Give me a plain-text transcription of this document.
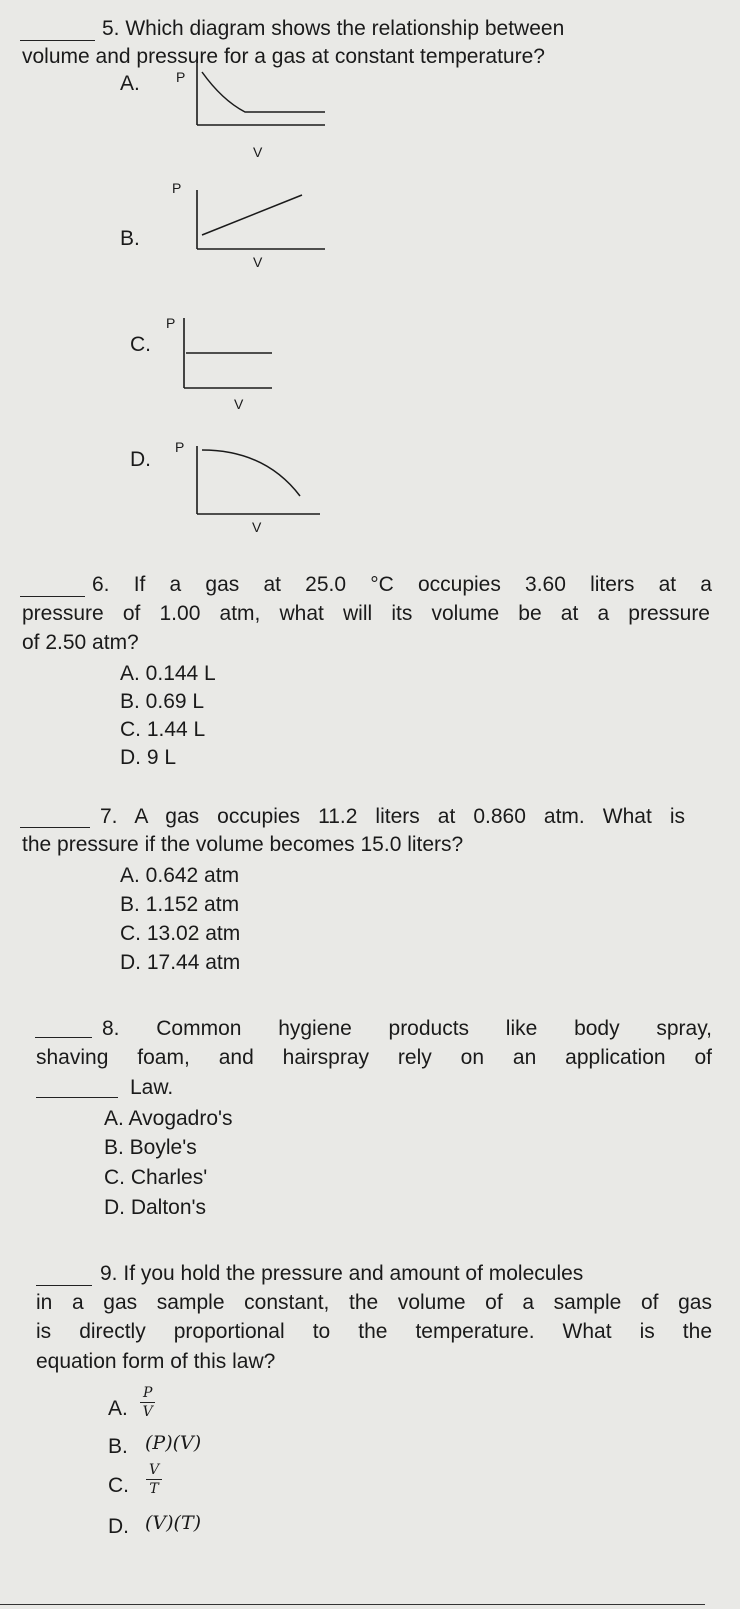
5. Which diagram shows the relationship between
volume and pressure for a gas at constant temperature?
A.	P
V
P
B.
V
P
C.
V
D.
P
V
6. If a gas at 25.0 °C occupies 3.60 liters at a
pressure of 1.00 atm, what will its volume be at a pressure
of 2.50 atm?
A. 0.144 L
B. 0.69 L
C. 1.44 L
D. 9 L
7. A gas occupies 11.2 liters at 0.860 atm. What is
the pressure if the volume becomes 15.0 liters?
A. 0.642 atm
B. 1.152 atm
C. 13.02 atm
D. 17.44 atm
8. Common hygiene products like body spray,
shaving foam, and hairspray rely on an application of
Law.
A. Avogadro's
B. Boyle's
C. Charles'
D. Dalton's
9. If you hold the pressure and amount of molecules
in a gas sample constant, the volume of a sample of gas
is directly proportional to the temperature. What is the
equation form of this law?
A. $\frac{P}{V}$
B. (P)(V)
C. $\frac{V}{T}$
D. (V)(T)
